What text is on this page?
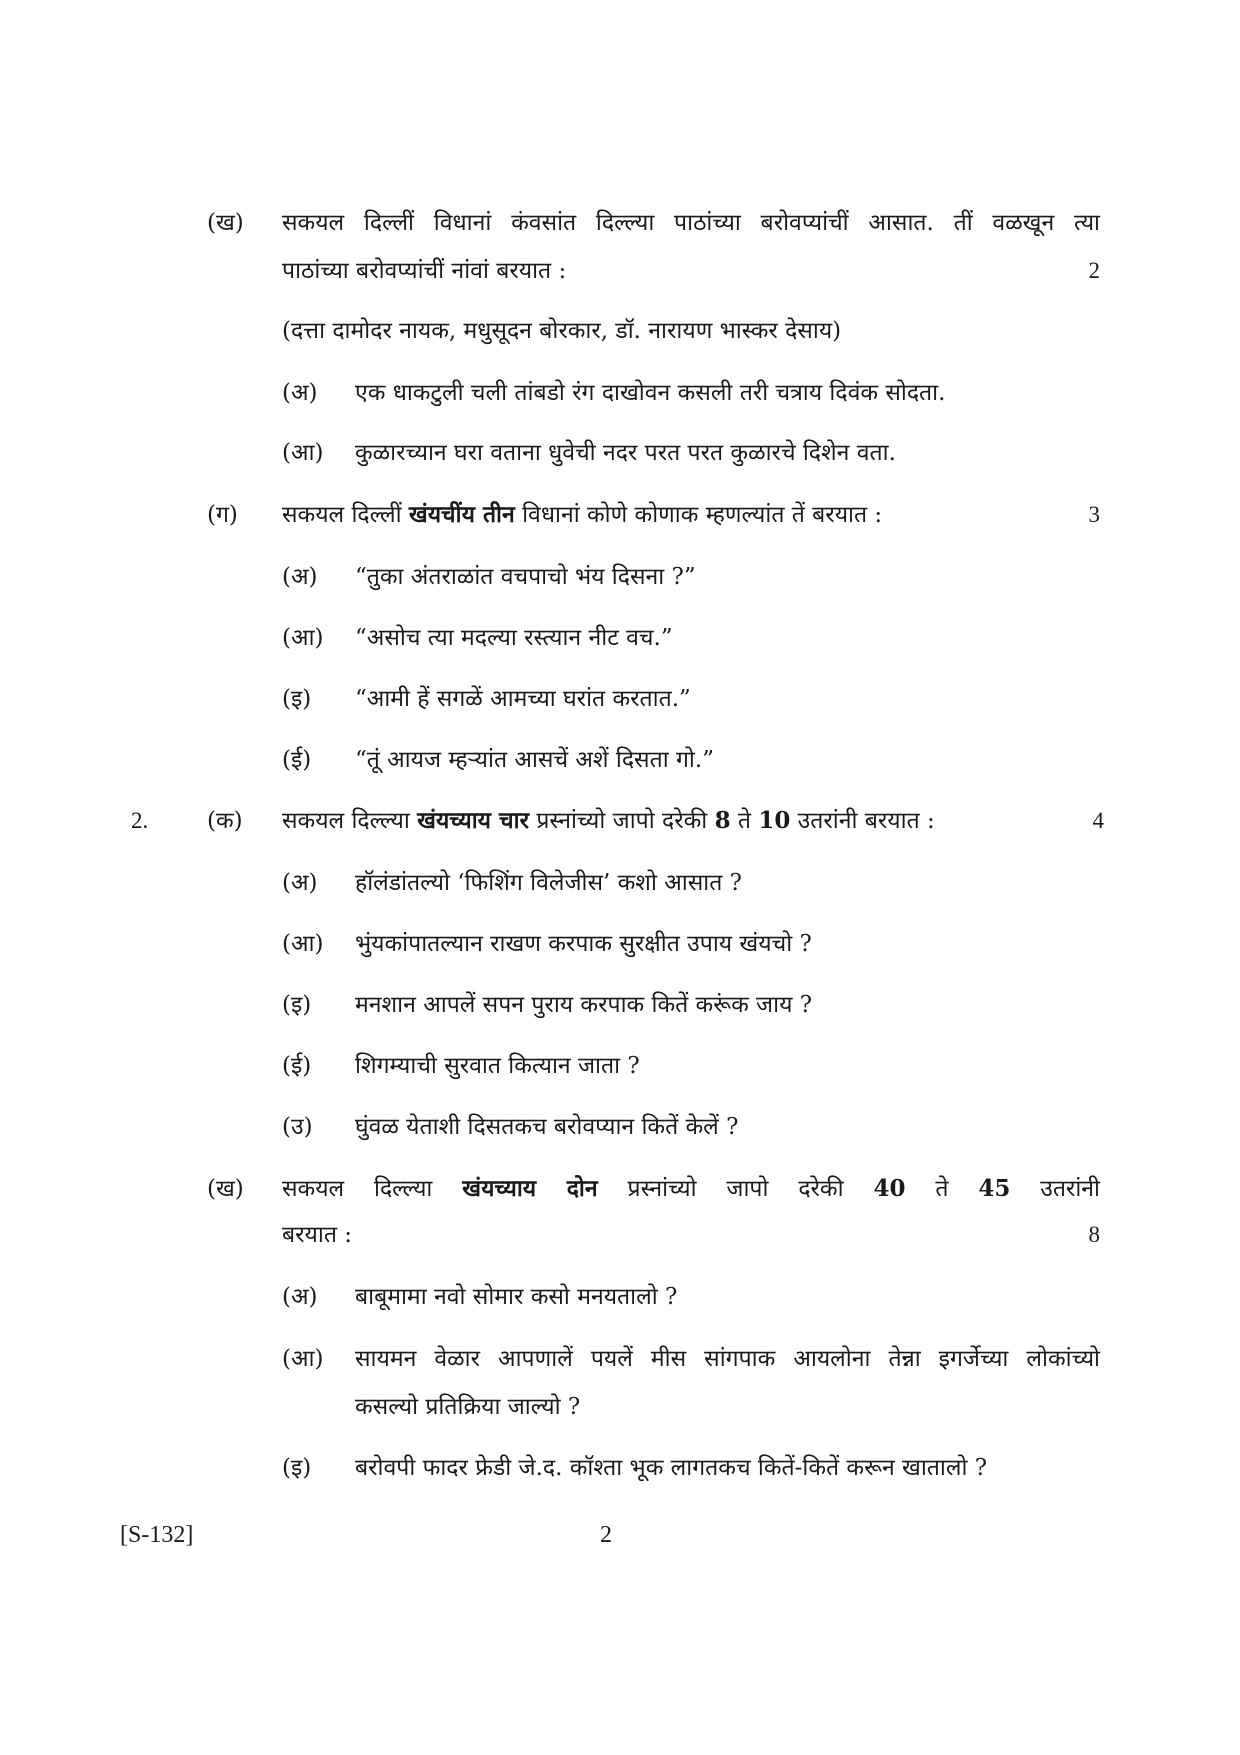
(ख) सकयल दिल्लीं विधानां कंवसांत दिल्ल्या पाठांच्या बरोवप्यांचीं आसात. तीं वळखून त्या
पाठांच्या बरोवप्यांचीं नांवां बरयात :	2
(दत्ता दामोदर नायक, मधुसूदन बोरकार, डॉ. नारायण भास्कर देसाय)
(अ) एक धाकटुली चली तांबडो रंग दाखोवन कसली तरी चत्राय दिवंक सोदता.
(आ) कुळारच्यान घरा वताना धुवेची नदर परत परत कुळारचे दिशेन वता.
(ग) सकयल दिल्लीं खंयचींय तीन विधानां कोणे कोणाक म्हणल्यांत तें बरयात :	3
(अ) “तुका अंतराळांत वचपाचो भंय दिसना ?”
(आ) “असोच त्या मदल्या रस्त्यान नीट वच.”
(इ) “आमी हें सगळें आमच्या घरांत करतात.”
(ई) “तूं आयज म्हऱ्यांत आसचें अशें दिसता गो.”
2.	(क) सकयल दिल्ल्या खंयच्याय चार प्रस्नांच्यो जापो दरेकी 8 ते 10 उतरांनी बरयात :	4
(अ) हॉलंडांतल्यो ‘फिशिंग विलेजीस’ कशो आसात ?
(आ) भुंयकांपातल्यान राखण करपाक सुरक्षीत उपाय खंयचो ?
(इ) मनशान आपलें सपन पुराय करपाक कितें करूंक जाय ?
(ई) शिगम्याची सुरवात कित्यान जाता ?
(उ) घुंवळ येताशी दिसतकच बरोवप्यान कितें केलें ?
(ख) सकयल दिल्ल्या खंयच्याय दोन प्रस्नांच्यो जापो दरेकी 40 ते 45 उतरांनी
बरयात :	8
(अ) बाबूमामा नवो सोमार कसो मनयतालो ?
(आ) सायमन वेळार आपणालें पयलें मीस सांगपाक आयलोना तेन्ना इगर्जेच्या लोकांच्यो
कसल्यो प्रतिक्रिया जाल्यो ?
(इ) बरोवपी फादर फ्रेडी जे.द. कॉश्ता भूक लागतकच कितें-कितें करून खातालो ?
[S-132]	2
